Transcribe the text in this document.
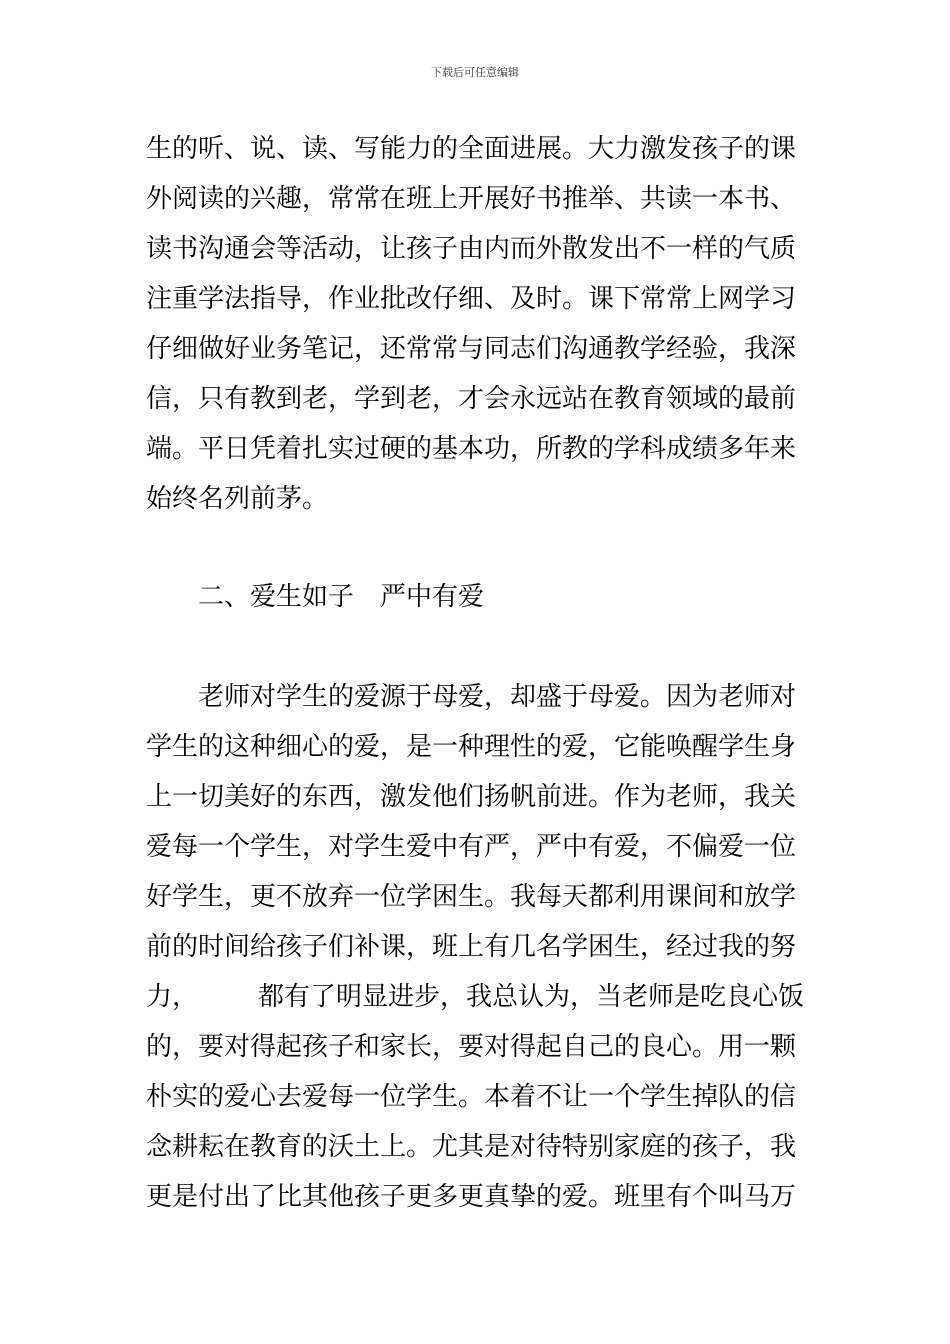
下载后可任意编辑
生的听、说、读、写能力的全面进展。大力激发孩子的课
外阅读的兴趣，常常在班上开展好书推举、共读一本书、
读书沟通会等活动，让孩子由内而外散发出不一样的气质
注重学法指导，作业批改仔细、及时。课下常常上网学习
仔细做好业务笔记，还常常与同志们沟通教学经验，我深
信，只有教到老，学到老，才会永远站在教育领域的最前
端。平日凭着扎实过硬的基本功，所教的学科成绩多年来
始终名列前茅。
二、爱生如子 严中有爱
老师对学生的爱源于母爱，却盛于母爱。因为老师对
学生的这种细心的爱，是一种理性的爱，它能唤醒学生身
上一切美好的东西，激发他们扬帆前进。作为老师，我关
爱每一个学生，对学生爱中有严，严中有爱，不偏爱一位
好学生，更不放弃一位学困生。我每天都利用课间和放学
前的时间给孩子们补课，班上有几名学困生，经过我的努
力， 都有了明显进步，我总认为，当老师是吃良心饭
的，要对得起孩子和家长，要对得起自己的良心。用一颗
朴实的爱心去爱每一位学生。本着不让一个学生掉队的信
念耕耘在教育的沃土上。尤其是对待特别家庭的孩子，我
更是付出了比其他孩子更多更真挚的爱。班里有个叫马万
